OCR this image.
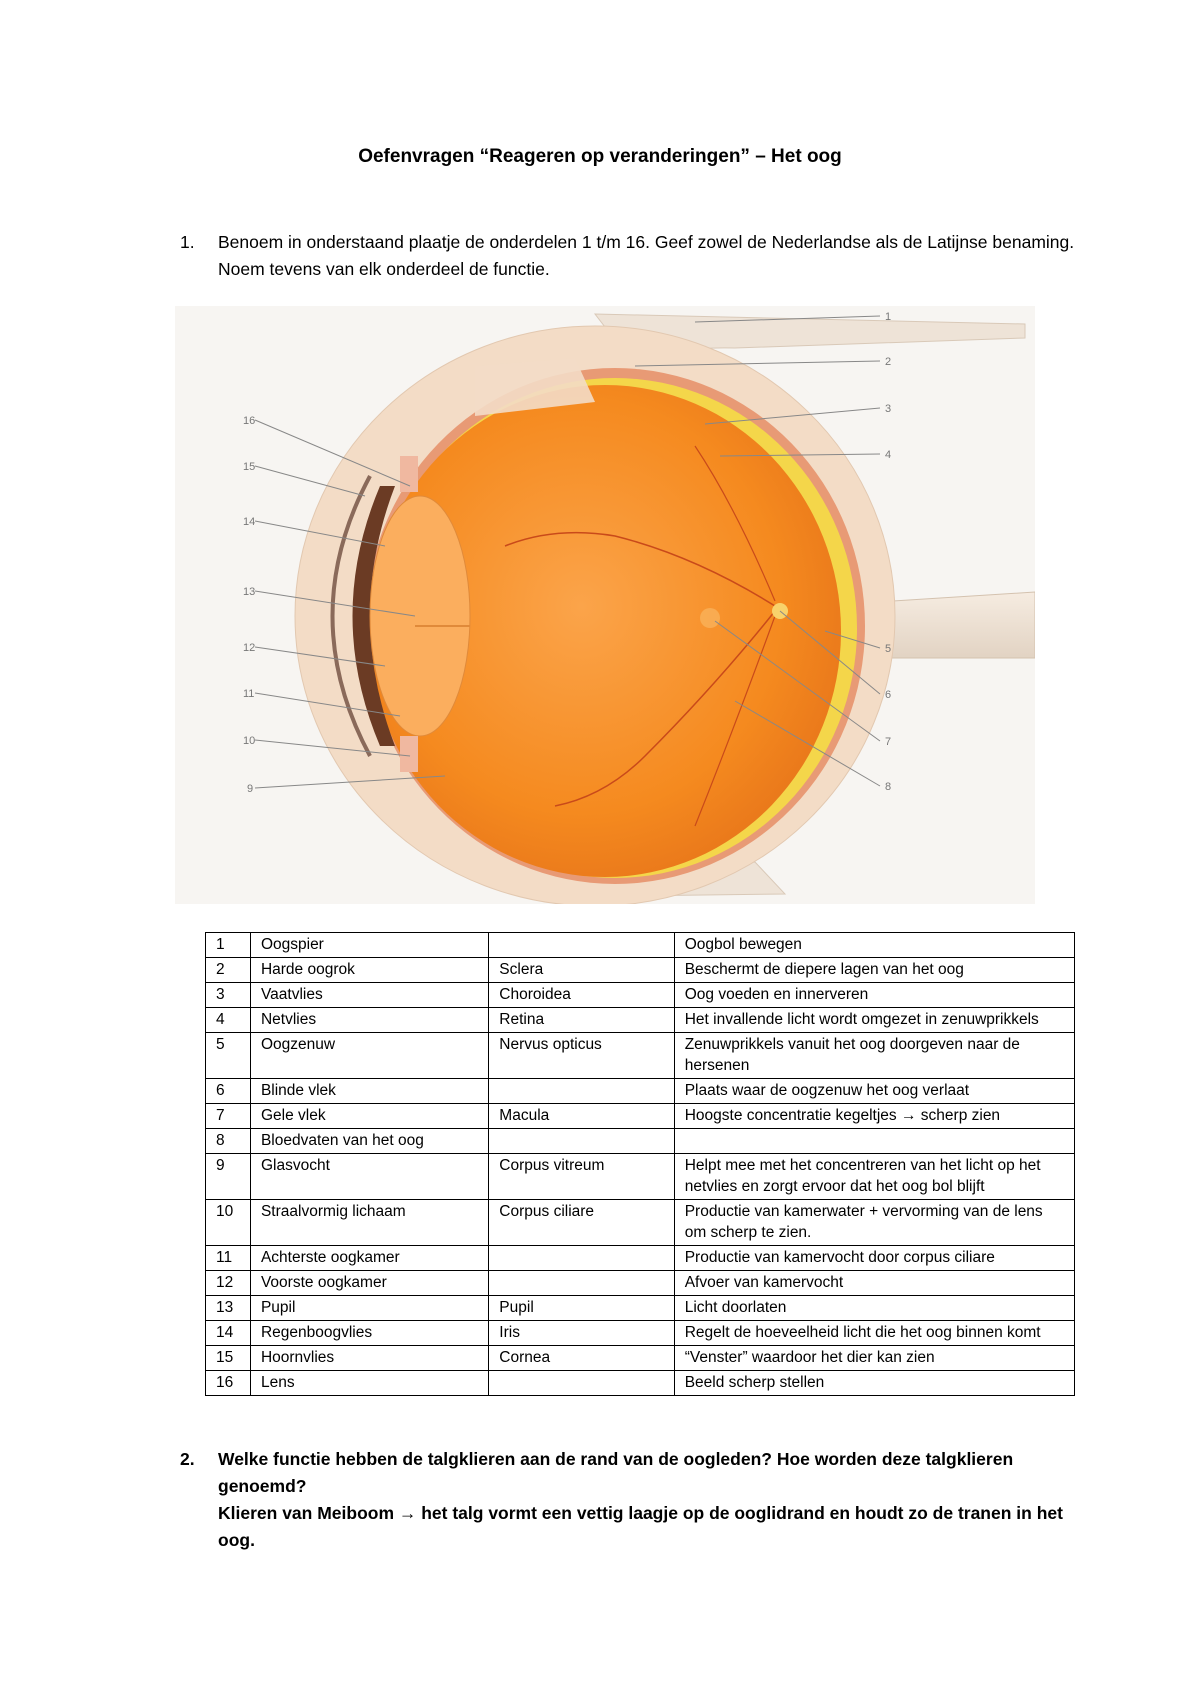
Oefenvragen “Reageren op veranderingen” – Het oog
1. Benoem in onderstaand plaatje de onderdelen 1 t/m 16. Geef zowel de Nederlandse als de Latijnse benaming. Noem tevens van elk onderdeel de functie.
1
2
3
4
5
6
7
8
9
10
11
12
13
14
15
16
1	Oogspier		Oogbol bewegen
2	Harde oogrok	Sclera	Beschermt de diepere lagen van het oog
3	Vaatvlies	Choroidea	Oog voeden en innerveren
4	Netvlies	Retina	Het invallende licht wordt omgezet in zenuwprikkels
5	Oogzenuw	Nervus opticus	Zenuwprikkels vanuit het oog doorgeven naar de hersenen
6	Blinde vlek		Plaats waar de oogzenuw het oog verlaat
7	Gele vlek	Macula	Hoogste concentratie kegeltjes → scherp zien
8	Bloedvaten van het oog		
9	Glasvocht	Corpus vitreum	Helpt mee met het concentreren van het licht op het netvlies en zorgt ervoor dat het oog bol blijft
10	Straalvormig lichaam	Corpus ciliare	Productie van kamerwater + vervorming van de lens om scherp te zien.
11	Achterste oogkamer		Productie van kamervocht door corpus ciliare
12	Voorste oogkamer		Afvoer van kamervocht
13	Pupil	Pupil	Licht doorlaten
14	Regenboogvlies	Iris	Regelt de hoeveelheid licht die het oog binnen komt
15	Hoornvlies	Cornea	“Venster” waardoor het dier kan zien
16	Lens		Beeld scherp stellen
2. Welke functie hebben de talgklieren aan de rand van de oogleden? Hoe worden deze talgklieren genoemd?
Klieren van Meiboom → het talg vormt een vettig laagje op de ooglidrand en houdt zo de tranen in het oog.
